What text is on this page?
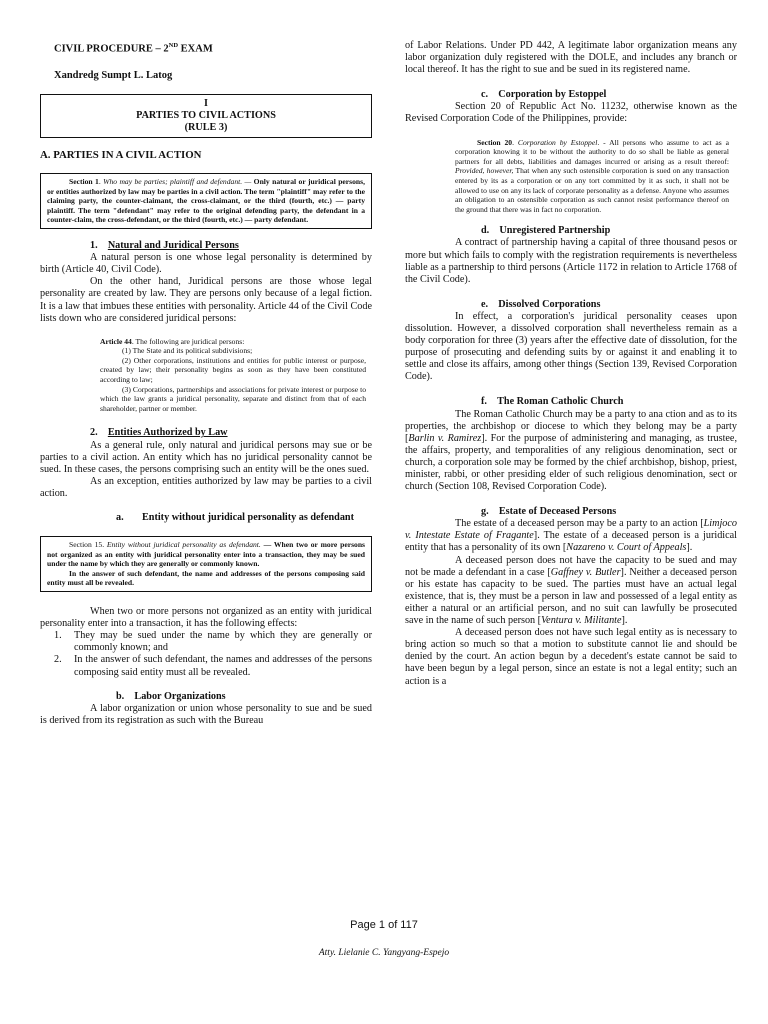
CIVIL PROCEDURE – 2ND EXAM
Xandredg Sumpt L. Latog
I
PARTIES TO CIVIL ACTIONS
(RULE 3)
A. PARTIES IN A CIVIL ACTION

Section 1. Who may be parties; plaintiff and defendant. — Only natural or juridical persons, or entities authorized by law may be parties in a civil action. The term "plaintiff" may refer to the claiming party, the counter-claimant, the cross-claimant, or the third (fourth, etc.) — party plaintiff. The term "defendant" may refer to the original defending party, the defendant in a counter-claim, the cross-defendant, or the third (fourth, etc.) — party defendant.

1. Natural and Juridical Persons

A natural person is one whose legal personality is determined by birth (Article 40, Civil Code).

On the other hand, Juridical persons are those whose legal personality are created by law. They are persons only because of a legal fiction. It is a law that imbues these entities with personality. Article 44 of the Civil Code lists down who are considered juridical persons:

Article 44. The following are juridical persons:

(1) The State and its political subdivisions;

(2) Other corporations, institutions and entities for public interest or purpose, created by law; their personality begins as soon as they have been constituted according to law;

(3) Corporations, partnerships and associations for private interest or purpose to which the law grants a juridical personality, separate and distinct from that of each shareholder, partner or member.

2. Entities Authorized by Law

As a general rule, only natural and juridical persons may sue or be parties to a civil action. An entity which has no juridical personality cannot be sued. In these cases, the persons comprising such an entity will be the ones sued.

As an exception, entities authorized by law may be parties to a civil action.

a. Entity without juridical personality as defendant

Section 15. Entity without juridical personality as defendant. — When two or more persons not organized as an entity with juridical personality enter into a transaction, they may be sued under the name by which they are generally or commonly known.

In the answer of such defendant, the name and addresses of the persons composing said entity must all be revealed.

When two or more persons not organized as an entity with juridical personality enter into a transaction, it has the following effects:

1. They may be sued under the name by which they are generally or commonly known; and
2. In the answer of such defendant, the names and addresses of the persons composing said entity must all be revealed.
b. Labor Organizations

A labor organization or union whose personality to sue and be sued is derived from its registration as such with the Bureau

of Labor Relations. Under PD 442, A legitimate labor organization means any labor organization duly registered with the DOLE, and includes any branch or local thereof. It has the right to sue and be sued in its registered name.

c. Corporation by Estoppel

Section 20 of Republic Act No. 11232, otherwise known as the Revised Corporation Code of the Philippines, provide:

Section 20. Corporation by Estoppel. - All persons who assume to act as a corporation knowing it to be without the authority to do so shall be liable as general partners for all debts, liabilities and damages incurred or arising as a result thereof: Provided, however, That when any such ostensible corporation is sued on any transaction entered by its as a corporation or on any tort committed by it as such, it shall not be allowed to use on any its lack of corporate personality as a defense. Anyone who assumes an obligation to an ostensible corporation as such cannot resist performance thereof on the ground that there was in fact no corporation.

d. Unregistered Partnership

A contract of partnership having a capital of three thousand pesos or more but which fails to comply with the registration requirements is nevertheless liable as a partnership to third persons (Article 1172 in relation to Article 1768 of the Civil Code).

e. Dissolved Corporations

In effect, a corporation's juridical personality ceases upon dissolution. However, a dissolved corporation shall nevertheless remain as a body corporation for three (3) years after the effective date of dissolution, for the purpose of prosecuting and defending suits by or against it and enabling it to settle and close its affairs, among other things (Section 139, Revised Corporation Code).

f. The Roman Catholic Church

The Roman Catholic Church may be a party to ana ction and as to its properties, the archbishop or diocese to which they belong may be a party [Barlin v. Ramirez]. For the purpose of administering and managing, as trustee, the affairs, property, and temporalities of any religious denomination, sect or church, a corporation sole may be formed by the chief archbishop, bishop, priest, minister, rabbi, or other presiding elder of such religious denomination, sect or church (Section 108, Revised Corporation Code).

g. Estate of Deceased Persons

The estate of a deceased person may be a party to an action [Limjoco v. Intestate Estate of Fragante]. The estate of a deceased person is a juridical entity that has a personality of its own [Nazareno v. Court of Appeals].

A deceased person does not have the capacity to be sued and may not be made a defendant in a case [Gaffney v. Butler]. Neither a deceased person or his estate has capacity to be sued. The parties must have an actual legal existence, that is, they must be a person in law and possessed of a legal entity as either a natural or an artificial person, and no suit can lawfully be prosecuted save in the name of such person [Ventura v. Militante].

A deceased person does not have such legal entity as is necessary to bring action so much so that a motion to substitute cannot lie and should be denied by the court. An action begun by a decedent's estate cannot be said to have been begun by a legal person, since an estate is not a legal entity; such an action is a

Page 1 of 117
Atty. Lielanie C. Yangyang-Espejo
